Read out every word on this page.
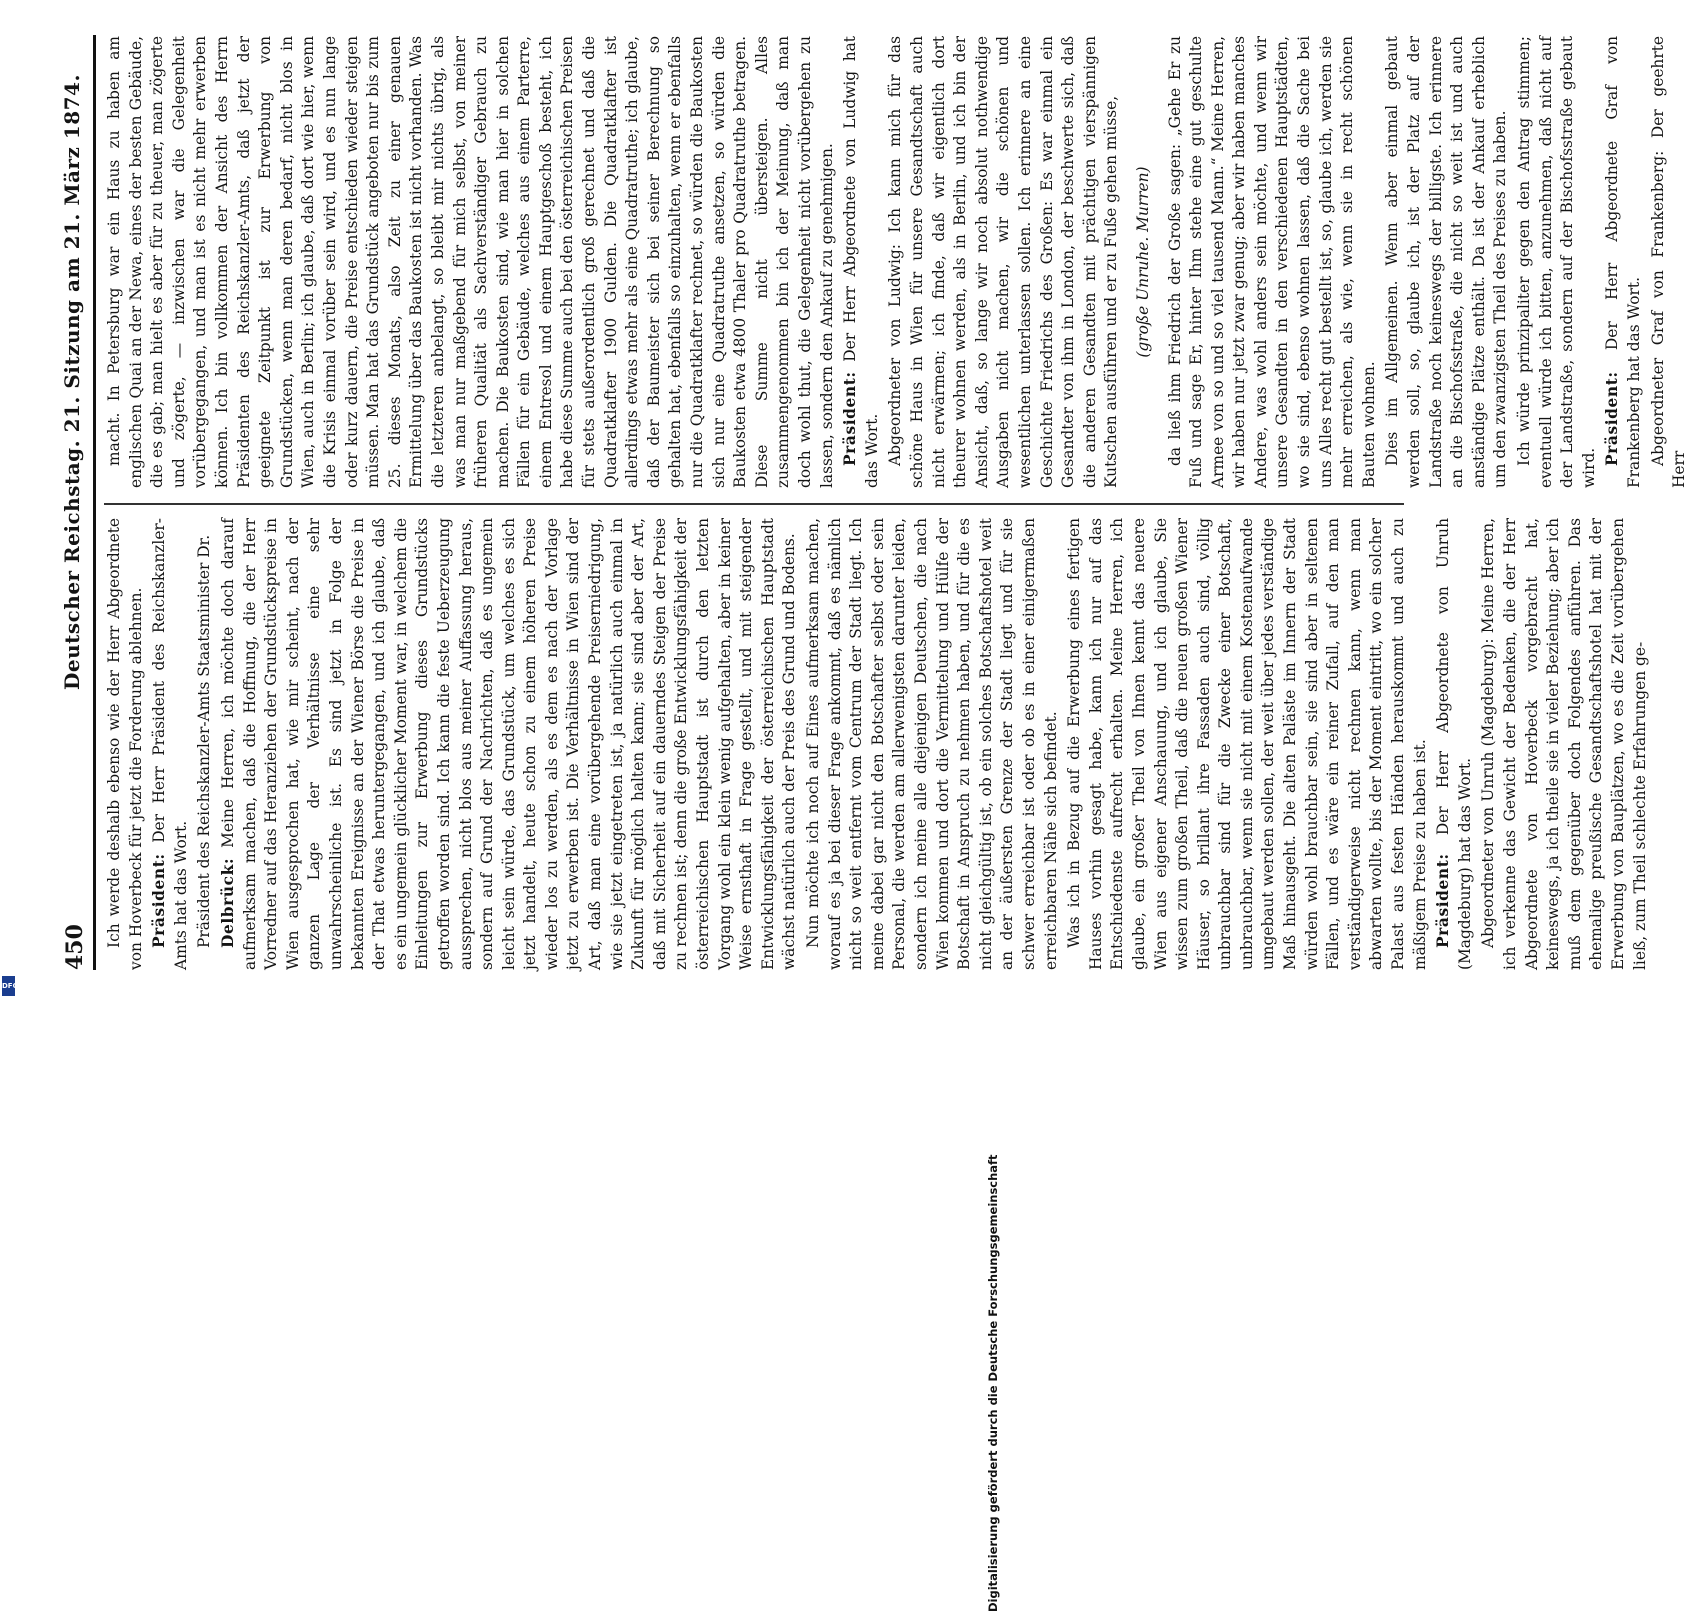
450
Deutscher Reichstag. 21. Sitzung am 21. März 1874.

Ich werde deshalb ebenso wie der Herr Abgeordnete von Hoverbeck für jetzt die Forderung ablehnen. Präsident: Der Herr Präsident des Reichskanzler-Amts hat das Wort. Präsident des Reichskanzler-Amts Staatsminister Dr. Delbrück: Meine Herren, ich möchte doch darauf aufmerksam machen, daß die Hoffnung, die der Herr Vorredner auf das Heranziehen der Grundstückspreise in Wien ausgesprochen hat, wie mir scheint, nach der ganzen Lage der Verhältnisse eine sehr unwahrscheinliche ist. Es sind jetzt in Folge der bekannten Ereignisse an der Wiener Börse die Preise in der That etwas heruntergegangen, und ich glaube, daß es ein ungemein glücklicher Moment war, in welchem die Einleitungen zur Erwerbung dieses Grundstücks getroffen worden sind. Ich kann die feste Ueberzeugung aussprechen, nicht blos aus meiner Auffassung heraus, sondern auf Grund der Nachrichten, daß es ungemein leicht sein würde, das Grundstück, um welches es sich jetzt handelt, heute schon zu einem höheren Preise wieder los zu werden, als es dem es nach der Vorlage jetzt zu erwerben ist. Die Verhältnisse in Wien sind der Art, daß man eine vorübergehende Preiserniedrigung, wie sie jetzt eingetreten ist, ja natürlich auch einmal in Zukunft für möglich halten kann; sie sind aber der Art, daß mit Sicherheit auf ein dauerndes Steigen der Preise zu rechnen ist; denn die große Entwicklungsfähigkeit der österreichischen Hauptstadt ist durch den letzten Vorgang wohl ein klein wenig aufgehalten, aber in keiner Weise ernsthaft in Frage gestellt, und mit steigender Entwicklungsfähigkeit der österreichischen Hauptstadt wächst natürlich auch der Preis des Grund und Bodens. Nun möchte ich noch auf Eines aufmerksam machen, worauf es ja bei dieser Frage ankommt, daß es nämlich nicht so weit entfernt vom Centrum der Stadt liegt. Ich meine dabei gar nicht den Botschafter selbst oder sein Personal, die werden am allerwenigsten darunter leiden, sondern ich meine alle diejenigen Deutschen, die nach Wien kommen und dort die Vermittelung und Hülfe der Botschaft in Anspruch zu nehmen haben, und für die es nicht gleichgültig ist, ob ein solches Botschaftshotel weit an der äußersten Grenze der Stadt liegt und für sie schwer erreichbar ist oder ob es in einer einigermaßen erreichbaren Nähe sich befindet. Was ich in Bezug auf die Erwerbung eines fertigen Hauses vorhin gesagt habe, kann ich nur auf das Entschiedenste aufrecht erhalten. Meine Herren, ich glaube, ein großer Theil von Ihnen kennt das neuere Wien aus eigener Anschauung, und ich glaube, Sie wissen zum großen Theil, daß die neuen großen Wiener Häuser, so brillant ihre Fassaden auch sind, völlig unbrauchbar sind für die Zwecke einer Botschaft, unbrauchbar, wenn sie nicht mit einem Kostenaufwande umgebaut werden sollen, der weit über jedes verständige Maß hinausgeht. Die alten Paläste im Innern der Stadt würden wohl brauchbar sein, sie sind aber in seltenen Fällen, und es wäre ein reiner Zufall, auf den man verständigerweise nicht rechnen kann, wenn man abwarten wollte, bis der Moment eintritt, wo ein solcher Palast aus festen Händen herauskommt und auch zu mäßigem Preise zu haben ist. Präsident: Der Herr Abgeordnete von Unruh (Magdeburg) hat das Wort. Abgeordneter von Unruh (Magdeburg): Meine Herren, ich verkenne das Gewicht der Bedenken, die der Herr Abgeordnete von Hoverbeck vorgebracht hat, keineswegs, ja ich theile sie in vieler Beziehung; aber ich muß dem gegenüber doch Folgendes anführen. Das ehemalige preußische Gesandtschaftshotel hat mit der Erwerbung von Bauplätzen, wo es die Zeit vorübergehen ließ, zum Theil schlechte Erfahrungen ge-

macht. In Petersburg war ein Haus zu haben am englischen Quai an der Newa, eines der besten Gebäude, die es gab; man hielt es aber für zu theuer, man zögerte und zögerte, — inzwischen war die Gelegenheit vorübergegangen, und man ist es nicht mehr erwerben können. Ich bin vollkommen der Ansicht des Herrn Präsidenten des Reichskanzler-Amts, daß jetzt der geeignete Zeitpunkt ist zur Erwerbung von Grundstücken, wenn man deren bedarf, nicht blos in Wien, auch in Berlin; ich glaube, daß dort wie hier, wenn die Krisis einmal vorüber sein wird, und es nun lange oder kurz dauern, die Preise entschieden wieder steigen müssen. Man hat das Grundstück angeboten nur bis zum 25. dieses Monats, also Zeit zu einer genauen Ermittelung über das Baukosten ist nicht vorhanden. Was die letzteren anbelangt, so bleibt mir nichts übrig, als was man nur maßgebend für mich selbst, von meiner früheren Qualität als Sachverständiger Gebrauch zu machen. Die Baukosten sind, wie man hier in solchen Fällen für ein Gebäude, welches aus einem Parterre, einem Entresol und einem Hauptgeschoß besteht, ich habe diese Summe auch bei den österreichischen Preisen für stets außerordentlich groß gerechnet und daß die Quadratklafter 1900 Gulden. Die Quadratklafter ist allerdings etwas mehr als eine Quadratruthe; ich glaube, daß der Baumeister sich bei seiner Berechnung so gehalten hat, ebenfalls so einzuhalten, wenn er ebenfalls nur die Quadratklafter rechnet, so würden die Baukosten sich nur eine Quadratruthe ansetzen, so würden die Baukosten etwa 4800 Thaler pro Quadratruthe betragen. Diese Summe nicht übersteigen. Alles zusammengenommen bin ich der Meinung, daß man doch wohl thut, die Gelegenheit nicht vorübergehen zu lassen, sondern den Ankauf zu genehmigen. Präsident: Der Herr Abgeordnete von Ludwig hat das Wort. Abgeordneter von Ludwig: Ich kann mich für das schöne Haus in Wien für unsere Gesandtschaft auch nicht erwärmen; ich finde, daß wir eigentlich dort theurer wohnen werden, als in Berlin, und ich bin der Ansicht, daß, so lange wir noch absolut nothwendige Ausgaben nicht machen, wir die schönen und wesentlichen unterlassen sollen. Ich erinnere an eine Geschichte Friedrichs des Großen: Es war einmal ein Gesandter von ihm in London, der beschwerte sich, daß die anderen Gesandten mit prächtigen vierspännigen Kutschen ausführen und er zu Fuße gehen müsse, (große Unruhe. Murren) da ließ ihm Friedrich der Große sagen: „Gehe Er zu Fuß und sage Er, hinter Ihm stehe eine gut geschulte Armee von so und so viel tausend Mann.“ Meine Herren, wir haben nur jetzt zwar genug; aber wir haben manches Andere, was wohl anders sein möchte, und wenn wir unsere Gesandten in den verschiedenen Hauptstädten, wo sie sind, ebenso wohnen lassen, daß die Sache bei uns Alles recht gut bestellt ist, so, glaube ich, werden sie mehr erreichen, als wie, wenn sie in recht schönen Bauten wohnen. Dies im Allgemeinen. Wenn aber einmal gebaut werden soll, so, glaube ich, ist der Platz auf der Landstraße noch keineswegs der billigste. Ich erinnere an die Bischofsstraße, die nicht so weit ist und auch anständige Plätze enthält. Da ist der Ankauf erheblich um den zwanzigsten Theil des Preises zu haben. Ich würde prinzipaliter gegen den Antrag stimmen; eventuell würde ich bitten, anzunehmen, daß nicht auf der Landstraße, sondern auf der Bischofsstraße gebaut wird.

Präsident: Der Herr Abgeordnete Graf von Frankenberg hat das Wort. Abgeordneter Graf von Frankenberg: Der geehrte Herr

Digitalisierung gefördert durch die Deutsche Forschungsgemeinschaft
DFG
